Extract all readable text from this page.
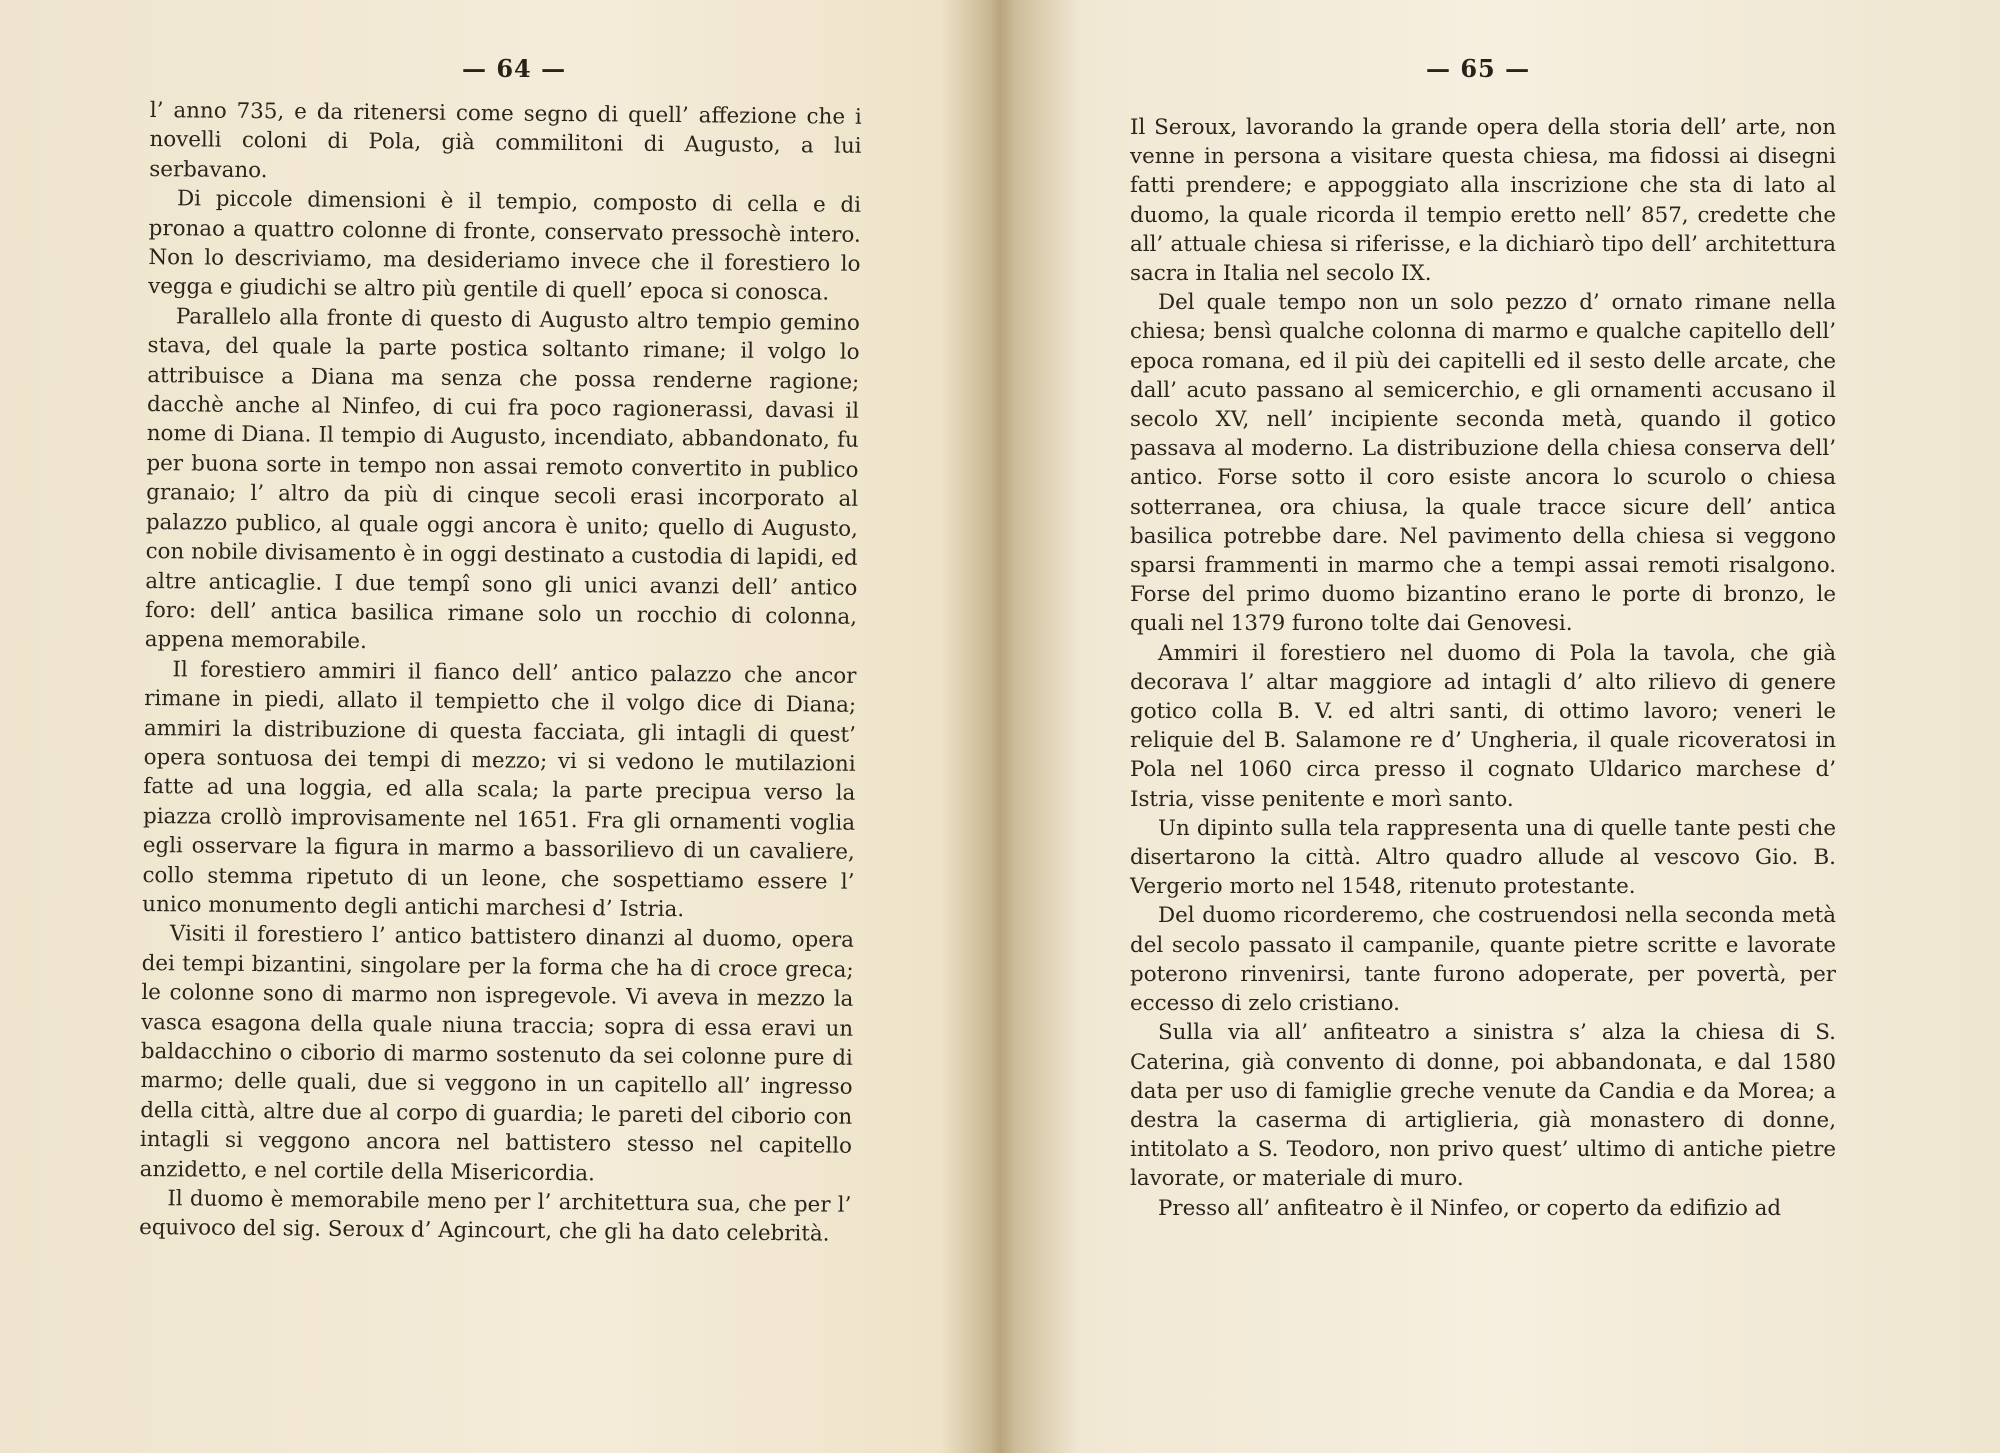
— 64 —

l’ anno 735, e da ritenersi come segno di quell’ affezione che i novelli coloni di Pola, già commilitoni di Augusto, a lui serbavano.

Di piccole dimensioni è il tempio, composto di cella e di pronao a quattro colonne di fronte, conservato pressochè intero. Non lo descriviamo, ma desideriamo invece che il forestiero lo vegga e giudichi se altro più gentile di quell’ epoca si conosca.

Parallelo alla fronte di questo di Augusto altro tempio gemino stava, del quale la parte postica soltanto rimane; il volgo lo attribuisce a Diana ma senza che possa renderne ragione; dacchè anche al Ninfeo, di cui fra poco ragionerassi, davasi il nome di Diana. Il tempio di Augusto, incendiato, abbandonato, fu per buona sorte in tempo non assai remoto convertito in publico granaio; l’ altro da più di cinque secoli erasi incorporato al palazzo publico, al quale oggi ancora è unito; quello di Augusto, con nobile divisamento è in oggi destinato a custodia di lapidi, ed altre anticaglie. I due tempî sono gli unici avanzi dell’ antico foro: dell’ antica basilica rimane solo un rocchio di colonna, appena memorabile.

Il forestiero ammiri il fianco dell’ antico palazzo che ancor rimane in piedi, allato il tempietto che il volgo dice di Diana; ammiri la distribuzione di questa facciata, gli intagli di quest’ opera sontuosa dei tempi di mezzo; vi si vedono le mutilazioni fatte ad una loggia, ed alla scala; la parte precipua verso la piazza crollò improvisamente nel 1651. Fra gli ornamenti voglia egli osservare la figura in marmo a bassorilievo di un cavaliere, collo stemma ripetuto di un leone, che sospettiamo essere l’ unico monumento degli antichi marchesi d’ Istria.

Visiti il forestiero l’ antico battistero dinanzi al duomo, opera dei tempi bizantini, singolare per la forma che ha di croce greca; le colonne sono di marmo non ispregevole. Vi aveva in mezzo la vasca esagona della quale niuna traccia; sopra di essa eravi un baldacchino o ciborio di marmo sostenuto da sei colonne pure di marmo; delle quali, due si veggono in un capitello all’ ingresso della città, altre due al corpo di guardia; le pareti del ciborio con intagli si veggono ancora nel battistero stesso nel capitello anzidetto, e nel cortile della Misericordia.

Il duomo è memorabile meno per l’ architettura sua, che per l’ equivoco del sig. Seroux d’ Agincourt, che gli ha dato celebrità.

— 65 —

Il Seroux, lavorando la grande opera della storia dell’ arte, non venne in persona a visitare questa chiesa, ma fidossi ai disegni fatti prendere; e appoggiato alla inscrizione che sta di lato al duomo, la quale ricorda il tempio eretto nell’ 857, credette che all’ attuale chiesa si riferisse, e la dichiarò tipo dell’ architettura sacra in Italia nel secolo IX.

Del quale tempo non un solo pezzo d’ ornato rimane nella chiesa; bensì qualche colonna di marmo e qualche capitello dell’ epoca romana, ed il più dei capitelli ed il sesto delle arcate, che dall’ acuto passano al semicerchio, e gli ornamenti accusano il secolo XV, nell’ incipiente seconda metà, quando il gotico passava al moderno. La distribuzione della chiesa conserva dell’ antico. Forse sotto il coro esiste ancora lo scurolo o chiesa sotterranea, ora chiusa, la quale tracce sicure dell’ antica basilica potrebbe dare. Nel pavimento della chiesa si veggono sparsi frammenti in marmo che a tempi assai remoti risalgono. Forse del primo duomo bizantino erano le porte di bronzo, le quali nel 1379 furono tolte dai Genovesi.

Ammiri il forestiero nel duomo di Pola la tavola, che già decorava l’ altar maggiore ad intagli d’ alto rilievo di genere gotico colla B. V. ed altri santi, di ottimo lavoro; veneri le reliquie del B. Salamone re d’ Ungheria, il quale ricoveratosi in Pola nel 1060 circa presso il cognato Uldarico marchese d’ Istria, visse penitente e morì santo.

Un dipinto sulla tela rappresenta una di quelle tante pesti che disertarono la città. Altro quadro allude al vescovo Gio. B. Vergerio morto nel 1548, ritenuto protestante.

Del duomo ricorderemo, che costruendosi nella seconda metà del secolo passato il campanile, quante pietre scritte e lavorate poterono rinvenirsi, tante furono adoperate, per povertà, per eccesso di zelo cristiano.

Sulla via all’ anfiteatro a sinistra s’ alza la chiesa di S. Caterina, già convento di donne, poi abbandonata, e dal 1580 data per uso di famiglie greche venute da Candia e da Morea; a destra la caserma di artiglieria, già monastero di donne, intitolato a S. Teodoro, non privo quest’ ultimo di antiche pietre lavorate, or materiale di muro.

Presso all’ anfiteatro è il Ninfeo, or coperto da edifizio ad
